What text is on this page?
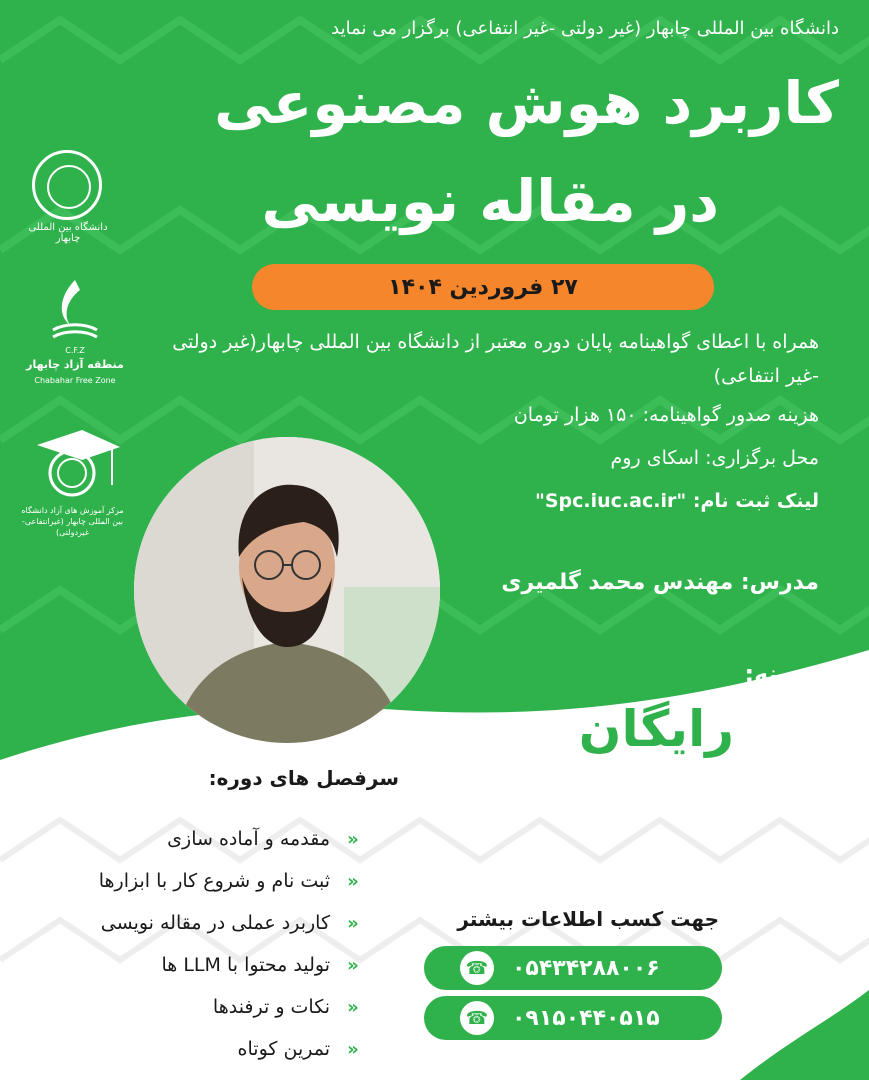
دانشگاه بین المللی چابهار (غیر دولتی -غیر انتفاعی) برگزار می نماید
کاربرد هوش مصنوعی
در مقاله نویسی
۲۷ فروردین ۱۴۰۴
همراه با اعطای گواهینامه پایان دوره معتبر از دانشگاه بین المللی چابهار(غیر دولتی -غیر انتفاعی)
هزینه صدور گواهینامه: ۱۵۰ هزار تومان
محل برگزاری: اسکای روم
لینک ثبت نام: "Spc.iuc.ac.ir"
مدرس: مهندس محمد گلمیری
هزینه:
رایگان
دانشگاه بین المللی چابهار
C.F.Z
منطقه آزاد چابهار
Chabahar Free Zone
مرکز آموزش های آزاد دانشگاه بین المللی چابهار (غیرانتفاعی-غیردولتی)
سرفصل های دوره:
«
مقدمه و آماده سازی
«
ثبت نام و شروع کار با ابزارها
«
کاربرد عملی در مقاله نویسی
«
تولید محتوا با LLM ها
«
نکات و ترفندها
«
تمرین کوتاه
جهت کسب اطلاعات بیشتر
☎ ۰۵۴۳۴۲۸۸۰۰۶
☎ ۰۹۱۵۰۴۴۰۵۱۵
